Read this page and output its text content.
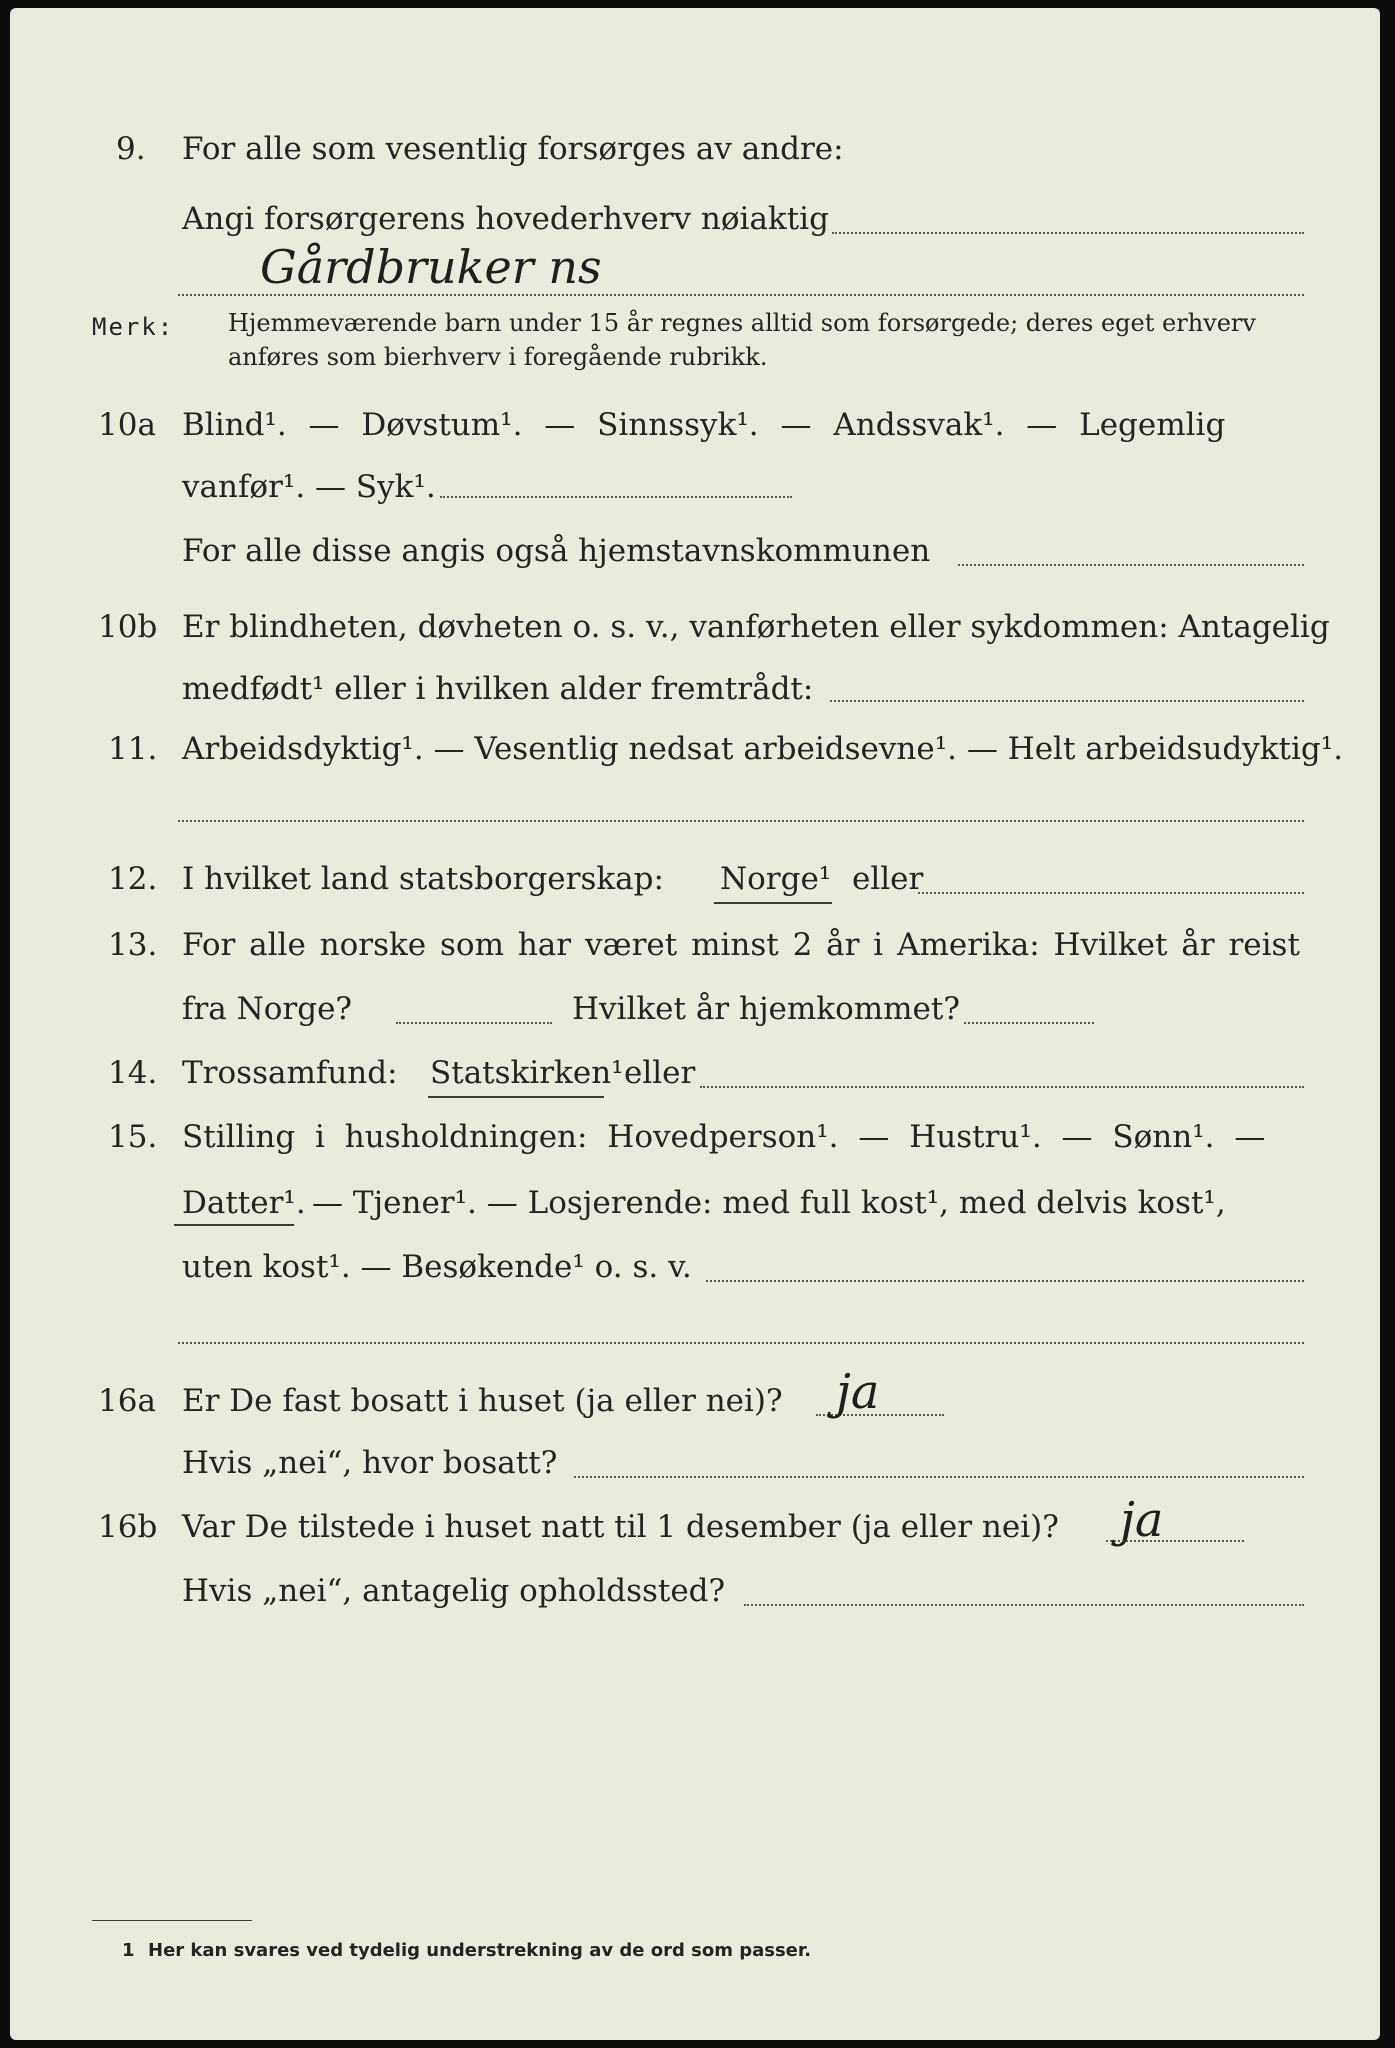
9. For alle som vesentlig forsørges av andre:
Angi forsørgerens hovederhverv nøiaktig
Gårdbruker ns
Merk: Hjemmeværende barn under 15 år regnes alltid som forsørgede; deres eget erhverv
anføres som bierhverv i foregående rubrikk.
10a Blind¹. — Døvstum¹. — Sinnssyk¹. — Andssvak¹. — Legemlig
vanfør¹. — Syk¹.
For alle disse angis også hjemstavnskommunen
10b Er blindheten, døvheten o. s. v., vanførheten eller sykdommen: Antagelig
medfødt¹ eller i hvilken alder fremtrådt:
11. Arbeidsdyktig¹. — Vesentlig nedsat arbeidsevne¹. — Helt arbeidsudyktig¹.
12. I hvilket land statsborgerskap: Norge¹ eller
13. For alle norske som har været minst 2 år i Amerika: Hvilket år reist
fra Norge?	Hvilket år hjemkommet?
14. Trossamfund: Statskirken¹ eller
15. Stilling i husholdningen: Hovedperson¹. — Hustru¹. — Sønn¹. —
Datter¹. — Tjener¹. — Losjerende: med full kost¹, med delvis kost¹,
uten kost¹. — Besøkende¹ o. s. v.
16a Er De fast bosatt i huset (ja eller nei)? ja
Hvis „nei“, hvor bosatt?
16b Var De tilstede i huset natt til 1 desember (ja eller nei)? ja
Hvis „nei“, antagelig opholdssted?
1 Her kan svares ved tydelig understrekning av de ord som passer.
